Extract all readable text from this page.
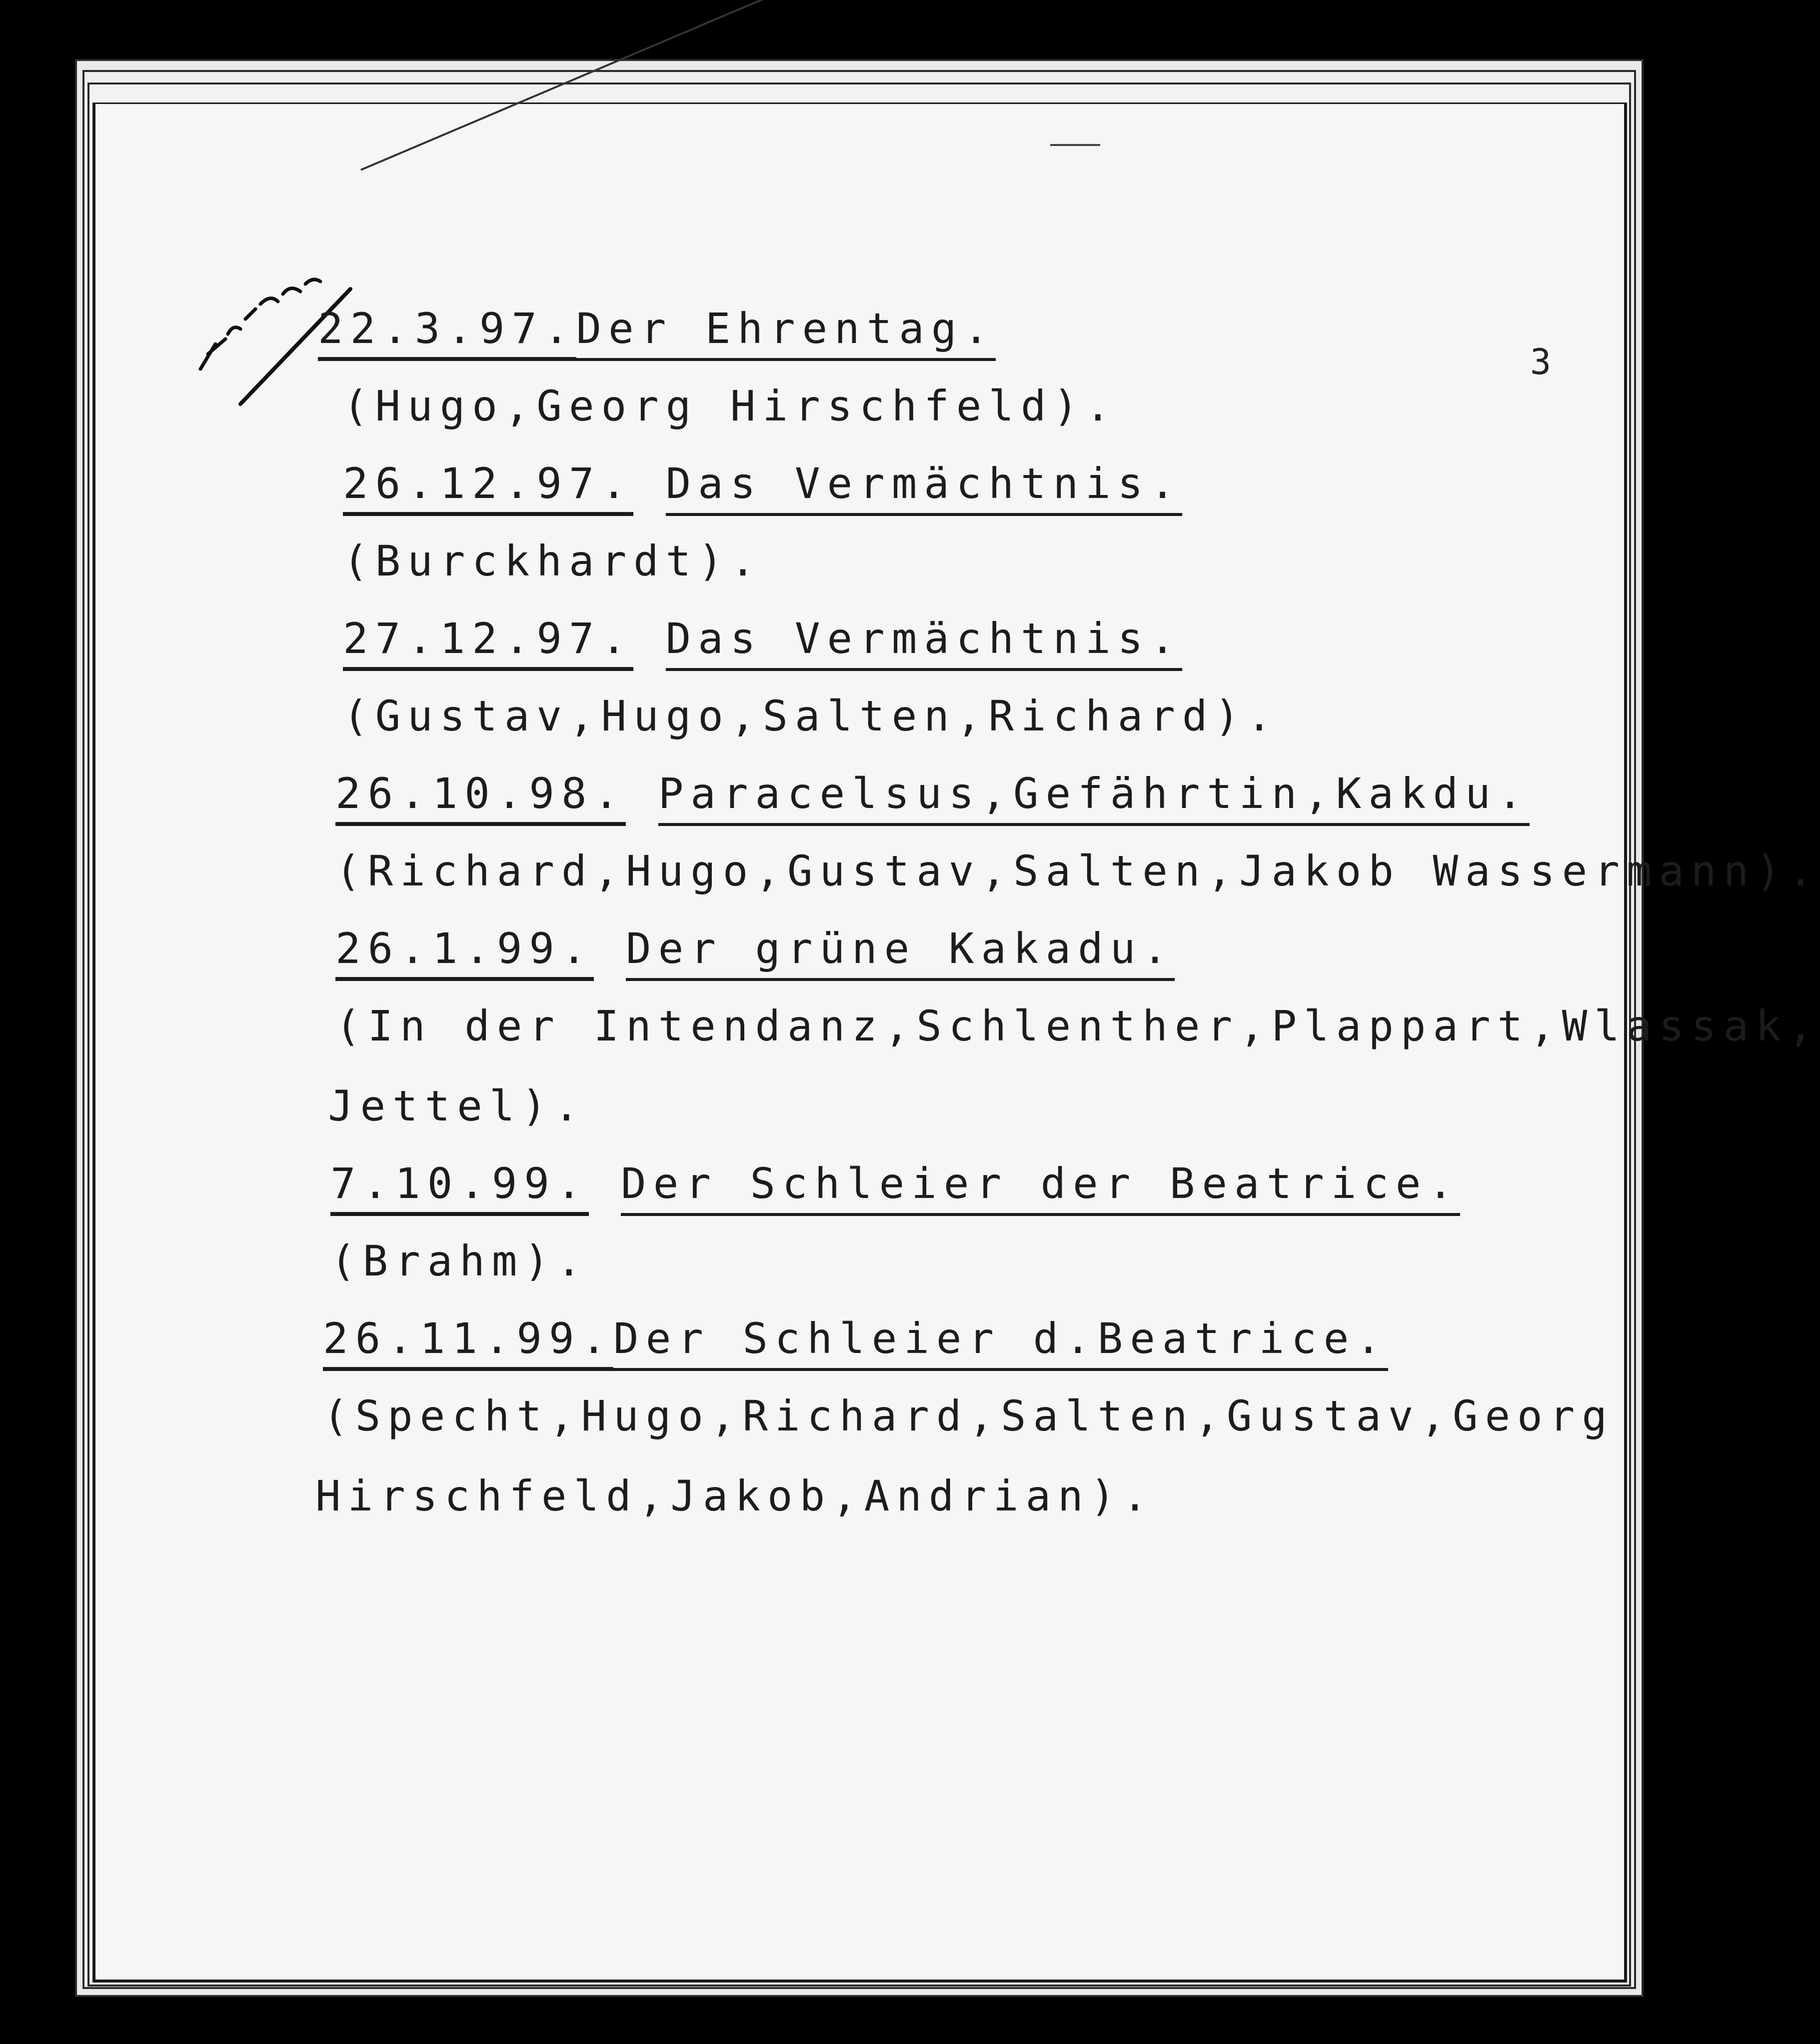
3
22.3.97.Der Ehrentag.
(Hugo,Georg Hirschfeld).
26.12.97. Das Vermächtnis.
(Burckhardt).
27.12.97. Das Vermächtnis.
(Gustav,Hugo,Salten,Richard).
26.10.98. Paracelsus,Gefährtin,Kakdu.
(Richard,Hugo,Gustav,Salten,Jakob Wassermann).
26.1.99. Der grüne Kakadu.
(In der Intendanz,Schlenther,Plappart,Wlassak,
Jettel).
7.10.99. Der Schleier der Beatrice.
(Brahm).
26.11.99.Der Schleier d.Beatrice.
(Specht,Hugo,Richard,Salten,Gustav,Georg
Hirschfeld,Jakob,Andrian).
